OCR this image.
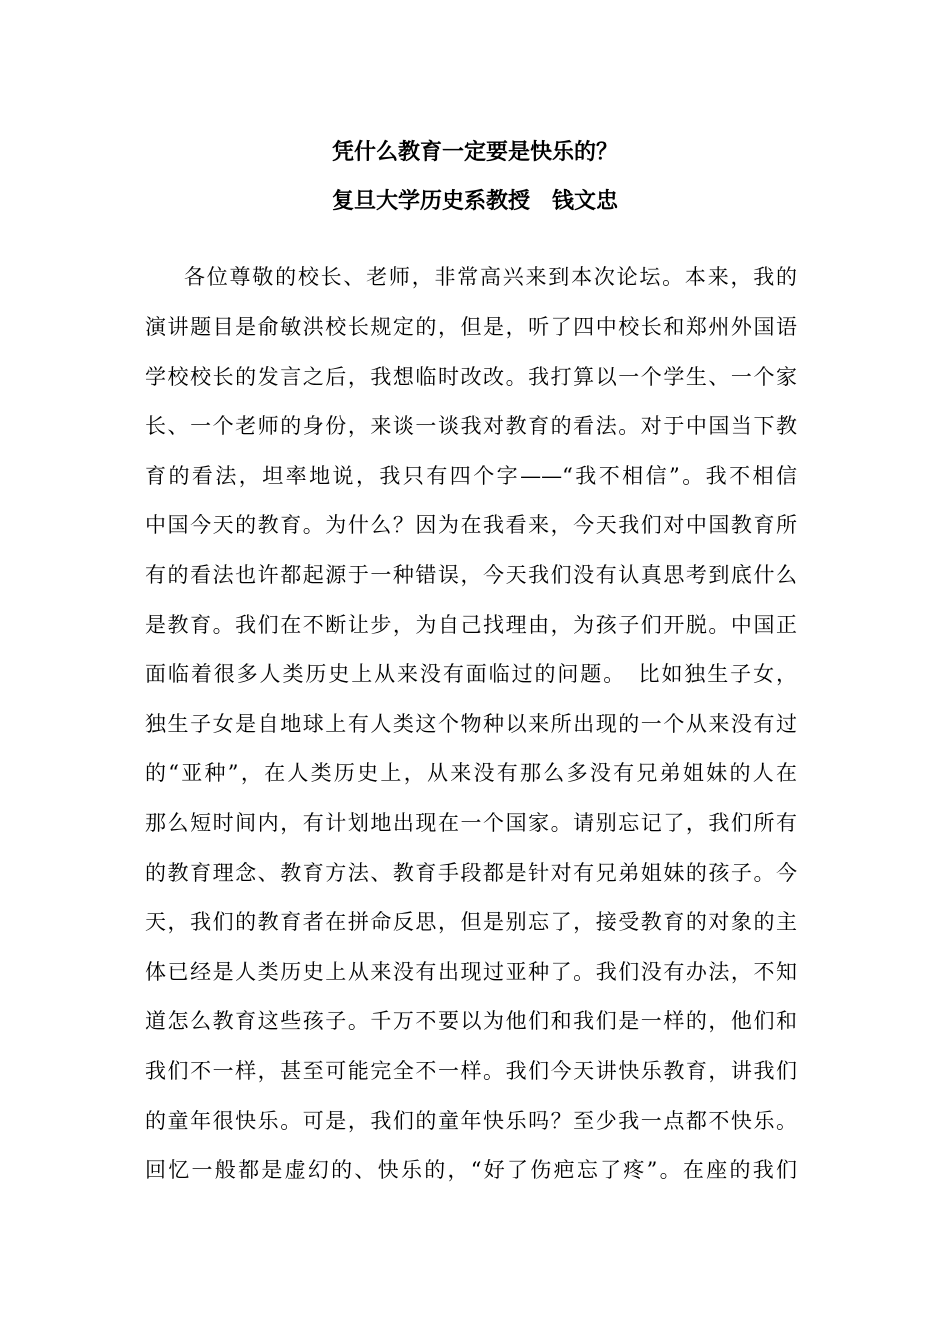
凭什么教育一定要是快乐的？
复旦大学历史系教授　钱文忠
各位尊敬的校长、老师，非常高兴来到本次论坛。本来，我的
演讲题目是俞敏洪校长规定的，但是，听了四中校长和郑州外国语
学校校长的发言之后，我想临时改改。我打算以一个学生、一个家
长、一个老师的身份，来谈一谈我对教育的看法。对于中国当下教
育的看法，坦率地说，我只有四个字——“我不相信”。我不相信
中国今天的教育。为什么？因为在我看来，今天我们对中国教育所
有的看法也许都起源于一种错误，今天我们没有认真思考到底什么
是教育。我们在不断让步，为自己找理由，为孩子们开脱。中国正
面临着很多人类历史上从来没有面临过的问题。　比如独生子女，
独生子女是自地球上有人类这个物种以来所出现的一个从来没有过
的“亚种”，在人类历史上，从来没有那么多没有兄弟姐妹的人在
那么短时间内，有计划地出现在一个国家。请别忘记了，我们所有
的教育理念、教育方法、教育手段都是针对有兄弟姐妹的孩子。今
天，我们的教育者在拼命反思，但是别忘了，接受教育的对象的主
体已经是人类历史上从来没有出现过亚种了。我们没有办法，不知
道怎么教育这些孩子。千万不要以为他们和我们是一样的，他们和
我们不一样，甚至可能完全不一样。我们今天讲快乐教育，讲我们
的童年很快乐。可是，我们的童年快乐吗？至少我一点都不快乐。
回忆一般都是虚幻的、快乐的，“好了伤疤忘了疼”。在座的我们
